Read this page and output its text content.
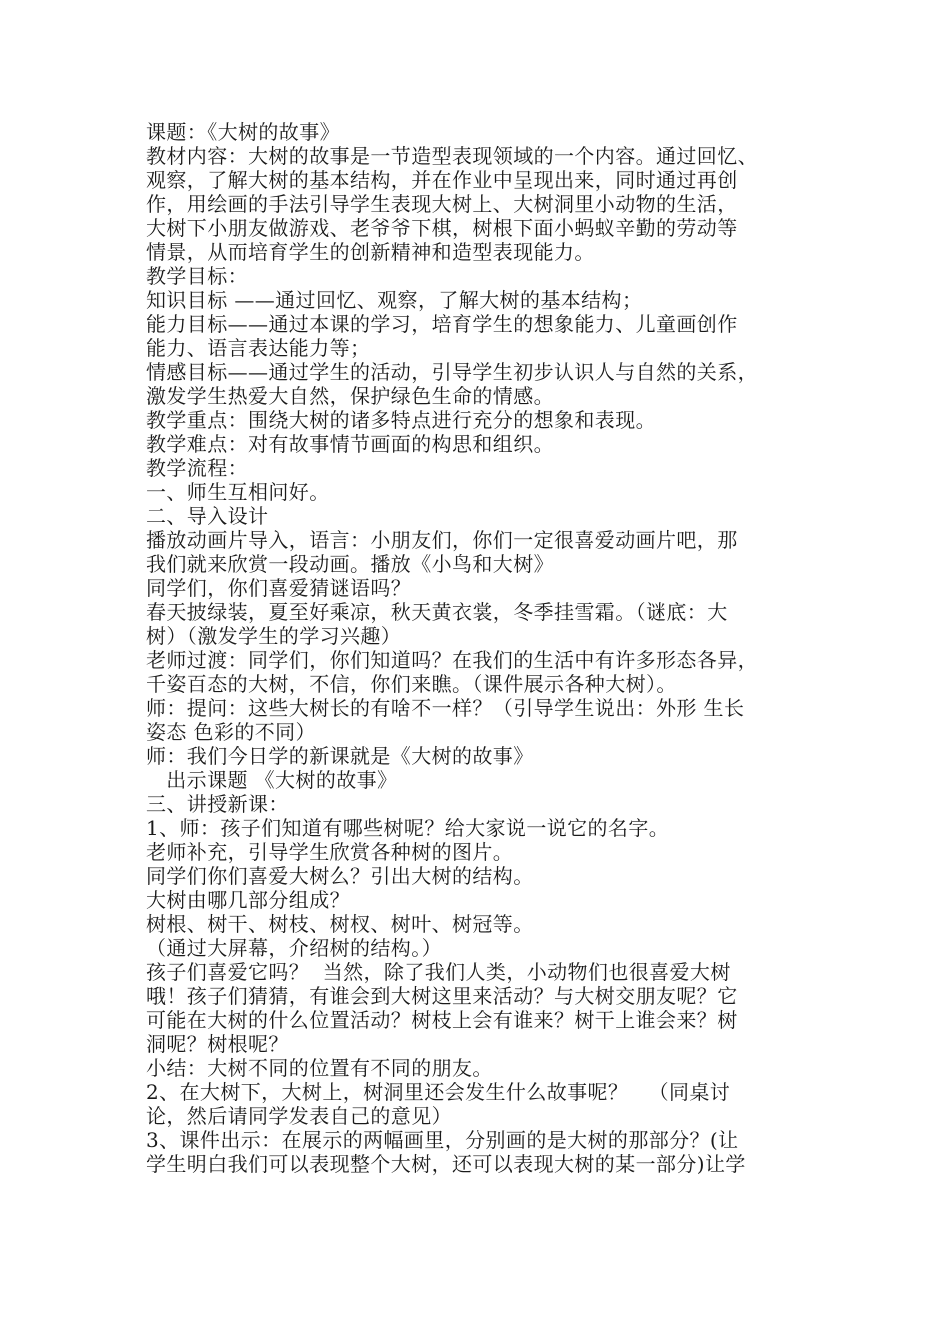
课题：《大树的故事》
教材内容：大树的故事是一节造型表现领域的一个内容。通过回忆、
观察，了解大树的基本结构，并在作业中呈现出来，同时通过再创
作，用绘画的手法引导学生表现大树上、大树洞里小动物的生活，
大树下小朋友做游戏、老爷爷下棋，树根下面小蚂蚁辛勤的劳动等
情景，从而培育学生的创新精神和造型表现能力。
教学目标：
知识目标 ——通过回忆、观察，了解大树的基本结构；
能力目标——通过本课的学习，培育学生的想象能力、儿童画创作
能力、语言表达能力等；
情感目标——通过学生的活动，引导学生初步认识人与自然的关系，
激发学生热爱大自然，保护绿色生命的情感。
教学重点：围绕大树的诸多特点进行充分的想象和表现。
教学难点：对有故事情节画面的构思和组织。
教学流程：
一、师生互相问好。
二、导入设计
播放动画片导入，语言：小朋友们，你们一定很喜爱动画片吧，那
我们就来欣赏一段动画。播放《小鸟和大树》
同学们，你们喜爱猜谜语吗？
春天披绿装，夏至好乘凉，秋天黄衣裳，冬季挂雪霜。（谜底：大
树）（激发学生的学习兴趣）
老师过渡：同学们，你们知道吗？在我们的生活中有许多形态各异，
千姿百态的大树，不信，你们来瞧。（课件展示各种大树）。
师：提问：这些大树长的有啥不一样？（引导学生说出：外形 生长
姿态 色彩的不同）
师：我们今日学的新课就是《大树的故事》
出示课题 《大树的故事》
三、讲授新课：
1、师：孩子们知道有哪些树呢？给大家说一说它的名字。
老师补充，引导学生欣赏各种树的图片。
同学们你们喜爱大树么？引出大树的结构。
大树由哪几部分组成？
树根、树干、树枝、树杈、树叶、树冠等。
（通过大屏幕，介绍树的结构。）
孩子们喜爱它吗？  当然，除了我们人类，小动物们也很喜爱大树
哦！孩子们猜猜，有谁会到大树这里来活动？与大树交朋友呢？它
可能在大树的什么位置活动？树枝上会有谁来？树干上谁会来？树
洞呢？树根呢？
小结：大树不同的位置有不同的朋友。
2、在大树下，大树上，树洞里还会发生什么故事呢？   （同桌讨
论，然后请同学发表自己的意见）
3、课件出示：在展示的两幅画里，分别画的是大树的那部分？(让
学生明白我们可以表现整个大树，还可以表现大树的某一部分)让学
